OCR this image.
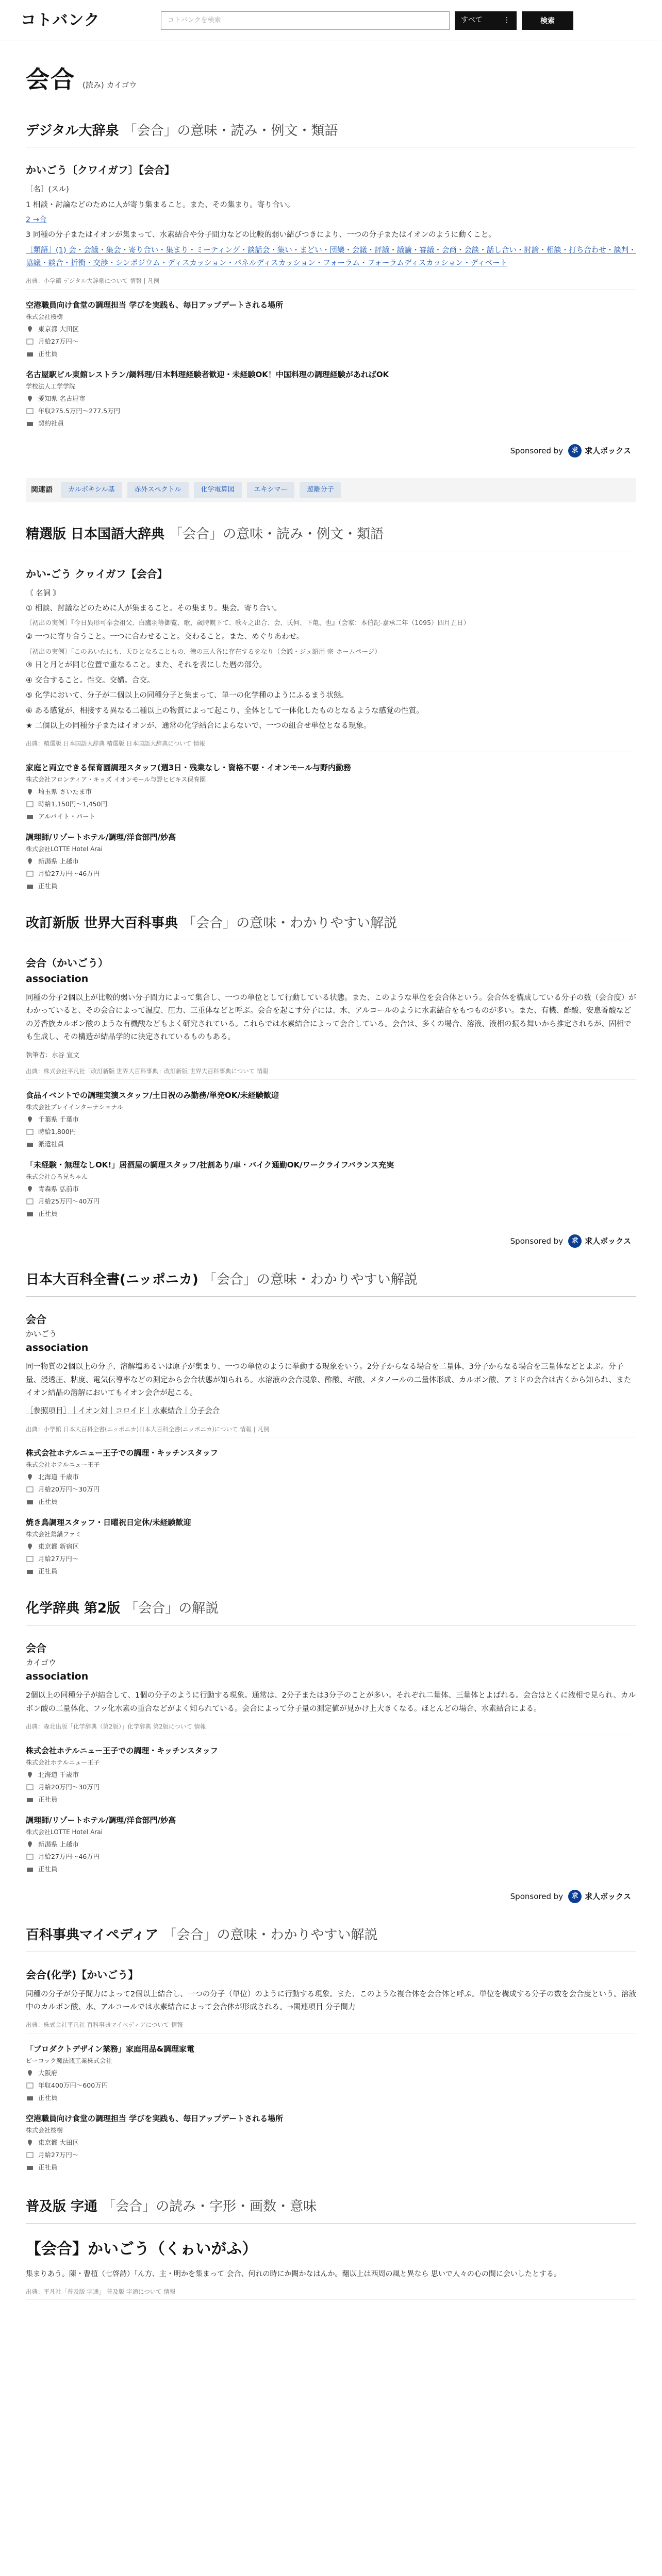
コトバンク
コトバンクを検索	すべて	⋮	検索
会合 (読み) カイゴウ
デジタル大辞泉 「会合」の意味・読み・例文・類語
かいごう〔クワイガフ〕【会合】

［名］(スル)

1 相談・討論などのために人が寄り集まること。また、その集まり。寄り合い。

2 →合

3 同種の分子またはイオンが集まって、水素結合や分子間力などの比較的弱い結びつきにより、一つの分子またはイオンのように動くこと。

［類語］(1) 会・会議・集会・寄り合い・集まり・ミーティング・談話会・集い・まどい・団欒・会議・評議・議論・審議・会商・会談・話し合い・討論・相談・打ち合わせ・談判・協議・談合・折衝・交渉・シンポジウム・ディスカッション・パネルディスカッション・フォーラム・フォーラムディスカッション・ディベート

出典：小学館 デジタル大辞泉について 情報 | 凡例
空港職員向け食堂の調理担当 学びを実践も、毎日アップデートされる場所
株式会社桜樹
東京都 大田区
月給27万円〜
正社員
名古屋駅ビル東館レストラン/鍋料理/日本料理経験者歓迎・未経験OK！中国料理の調理経験があればOK
学校法人工学学院
愛知県 名古屋市
年収275.5万円〜277.5万円
契約社員
Sponsored by	求 求人ボックス
関連語	カルボキシル基	赤外スペクトル	化学電算図	エキシマー	遊離分子
精選版 日本国語大辞典 「会合」の意味・読み・例文・類語
かい-ごう クヮイガフ【会合】

〘 名詞 〙

① 相談、討議などのために人が集まること。その集まり。集会。寄り合い。

〔初出の実例〕『今日異形可奉会祖父、白鷹羽等御覧、歌、歳時幌下て、歌々之出合、会、氏何、下亀、也』（会家：本伯記-嘉承二年（1095）四月五日）

② 一つに寄り合うこと。一つに合わせること。交わること。また、めぐりあわせ。

〔初出の実例〕「このあいたにも、天ひとなることもの、徳の三人各に存在するをなり（会議・ジュ語用 宗-ホームページ）

③ 日と月とが同じ位置で重なること。また、それを表にした暦の部分。

④ 交合すること。性交。交媾。合交。

⑤ 化学において、分子が二個以上の同種分子と集まって、単一の化学種のようにふるまう状態。

⑥ ある感覚が、相接する異なる二種以上の物質によって起こり、全体として一体化したものとなるような感覚の性質。

★ 二個以上の同種分子またはイオンが、通常の化学結合によらないで、一つの組合せ単位となる現象。

出典：精選版 日本国語大辞典 精選版 日本国語大辞典について 情報
家庭と両立できる保育園調理スタッフ(週3日・残業なし・資格不要・イオンモール与野内勤務
株式会社フロンティア・キッズ イオンモール与野ヒビキス保育園
埼玉県 さいたま市
時給1,150円〜1,450円
アルバイト・パート
調理師/リゾートホテル/調理/洋食部門/妙高
株式会社LOTTE Hotel Arai
新潟県 上越市
月給27万円〜46万円
正社員
改訂新版 世界大百科事典 「会合」の意味・わかりやすい解説
会合（かいごう）
association
同種の分子2個以上が比較的弱い分子間力によって集合し、一つの単位として行動している状態。また、このような単位を会合体という。会合体を構成している分子の数（会合度）がわかっていると、その会合によって温度、圧力、三重体などと呼ぶ。会合を起こす分子には、水、アルコールのように水素結合をもつものが多い。また、有機、酢酸、安息香酸などの芳香族カルボン酸のような有機酸などもよく研究されている。これらでは水素結合によって会合している。会合は、多くの場合、溶液、液相の振る舞いから推定されるが、固相でも生成し、その構造が結晶学的に決定されているものもある。
執筆者：水谷 宣文
出典：株式会社平凡社「改訂新版 世界大百科事典」改訂新版 世界大百科事典について 情報
食品イベントでの調理実演スタッフ/土日祝のみ勤務/単発OK/未経験歓迎
株式会社プレイインターナショナル
千葉県 千葉市
時給1,800円
派遣社員
「未経験・無理なしOK!」居酒屋の調理スタッフ/社割あり/車・バイク通勤OK/ワークライフバランス充実
株式会社ひろ兄ちゃん
青森県 弘前市
月給25万円〜40万円
正社員
Sponsored by	求 求人ボックス
日本大百科全書(ニッポニカ) 「会合」の意味・わかりやすい解説
会合
かいごう
association
同一物質の2個以上の分子、溶解塩あるいは原子が集まり、一つの単位のように挙動する現象をいう。2分子からなる場合を二量体、3分子からなる場合を三量体などとよぶ。分子量、浸透圧、粘度、電気伝導率などの測定から会合状態が知られる。水溶液の会合現象、酢酸、ギ酸、メタノールの二量体形成、カルボン酸、アミドの会合は古くから知られ、またイオン結晶の溶解においてもイオン会合が起こる。
［参照項目］｜イオン対｜コロイド｜水素結合｜分子会合
出典：小学館 日本大百科全書(ニッポニカ)日本大百科全書(ニッポニカ)について 情報 | 凡例
株式会社ホテルニュー王子での調理・キッチンスタッフ
株式会社ホテルニュー王子
北海道 千歳市
月給20万円〜30万円
正社員
焼き鳥調理スタッフ・日曜祝日定休/未経験歓迎
株式会社鶏鍋ファミ
東京都 新宿区
月給27万円〜
正社員
化学辞典 第2版 「会合」の解説
会合
カイゴウ
association
2個以上の同種分子が結合して、1個の分子のように行動する現象。通常は、2分子または3分子のことが多い。それぞれ二量体、三量体とよばれる。会合はとくに液相で見られ、カルボン酸の二量体化、フッ化水素の重合などがよく知られている。会合によって分子量の測定値が見かけ上大きくなる。ほとんどの場合、水素結合による。
出典：森北出版「化学辞典（第2版）」化学辞典 第2版について 情報
株式会社ホテルニュー王子での調理・キッチンスタッフ
株式会社ホテルニュー王子
北海道 千歳市
月給20万円〜30万円
正社員
調理師/リゾートホテル/調理/洋食部門/妙高
株式会社LOTTE Hotel Arai
新潟県 上越市
月給27万円〜46万円
正社員
Sponsored by	求 求人ボックス
百科事典マイペディア 「会合」の意味・わかりやすい解説
会合(化学)【かいごう】
同種の分子が分子間力によって2個以上結合し、一つの分子（単位）のように行動する現象。また、このような複合体を会合体と呼ぶ。単位を構成する分子の数を会合度という。溶液中のカルボン酸、水、アルコールでは水素結合によって会合体が形成される。→関連項目 分子間力
出典：株式会社平凡社 百科事典マイペディアについて 情報
「プロダクトデザイン業務」家庭用品&調理家電
ビーコック魔法瓶工業株式会社
大阪府
年収400万円〜600万円
正社員
空港職員向け食堂の調理担当 学びを実践も、毎日アップデートされる場所
株式会社桜樹
東京都 大田区
月給27万円〜
正社員
普及版 字通 「会合」の読み・字形・画数・意味
【会合】かいごう（くゎいがふ）
集まりあう。陳・曹植（七啓詩）「ん方、主・明かを集まって 会合、何れの時にか闕かなはんか。翻以上は西周の風と異なら 思いで人々の心の間に会いしたとする。
出典：平凡社「普及版 字通」 普及版 字通について 情報
